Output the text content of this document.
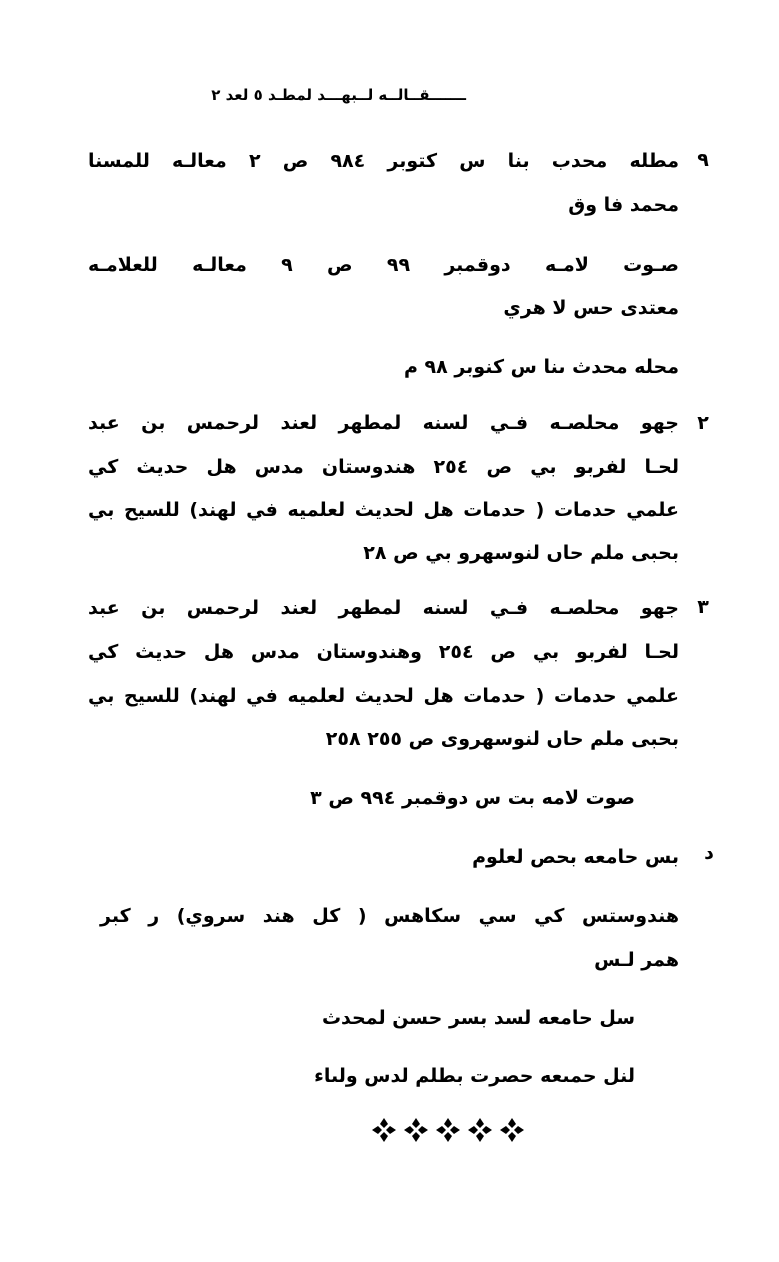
ـــــــقــالــه لــبهـــد لمطـد ٥ لعد ٢
٩
مطله محدب بنا س كتوبر ٩٨٤ ص ٢ معالـه للمسنا
محمد فا وق
صـوت لامـه دوقمبر ٩٩ ص ٩ معالـه للعلامـه
معتدى حس لا هري
محله محدث ىنا س كنوبر ٩٨ م
٢
جهو محلصـه فـي لسنه لمطهر لعند لرحمس بن عبد
لحـا لفربو بي ص ٢٥٤ هندوستان مدس هل حديث كي
علمي حدمات ( حدمات هل لحديث لعلميه في لهند) للسيح بي
بحبى ملم حاں لنوسهرو بي ص ٢٨
٣
جهو محلصـه فـي لسنه لمطهر لعند لرحمس بن عبد
لحـا لفربو بي ص ٢٥٤ وهندوستان مدس هل حديث كي
علمي حدمات ( حدمات هل لحديث لعلميه في لهند) للسيح بي
بحبى ملم حاں لنوسهروى ص ٢٥٥ ٢٥٨
صوت لامه بت س دوقمبر ٩٩٤ ص ٣
د
بس حامعه بحص لعلوم
هندوستس كي سي سكاهس ( كل هند سروي) ر كبر
همر لـس
سل حامعه لسد بسر حسن لمحدث
لنل حمىعه حصرت بطلم لدس ولىاء
